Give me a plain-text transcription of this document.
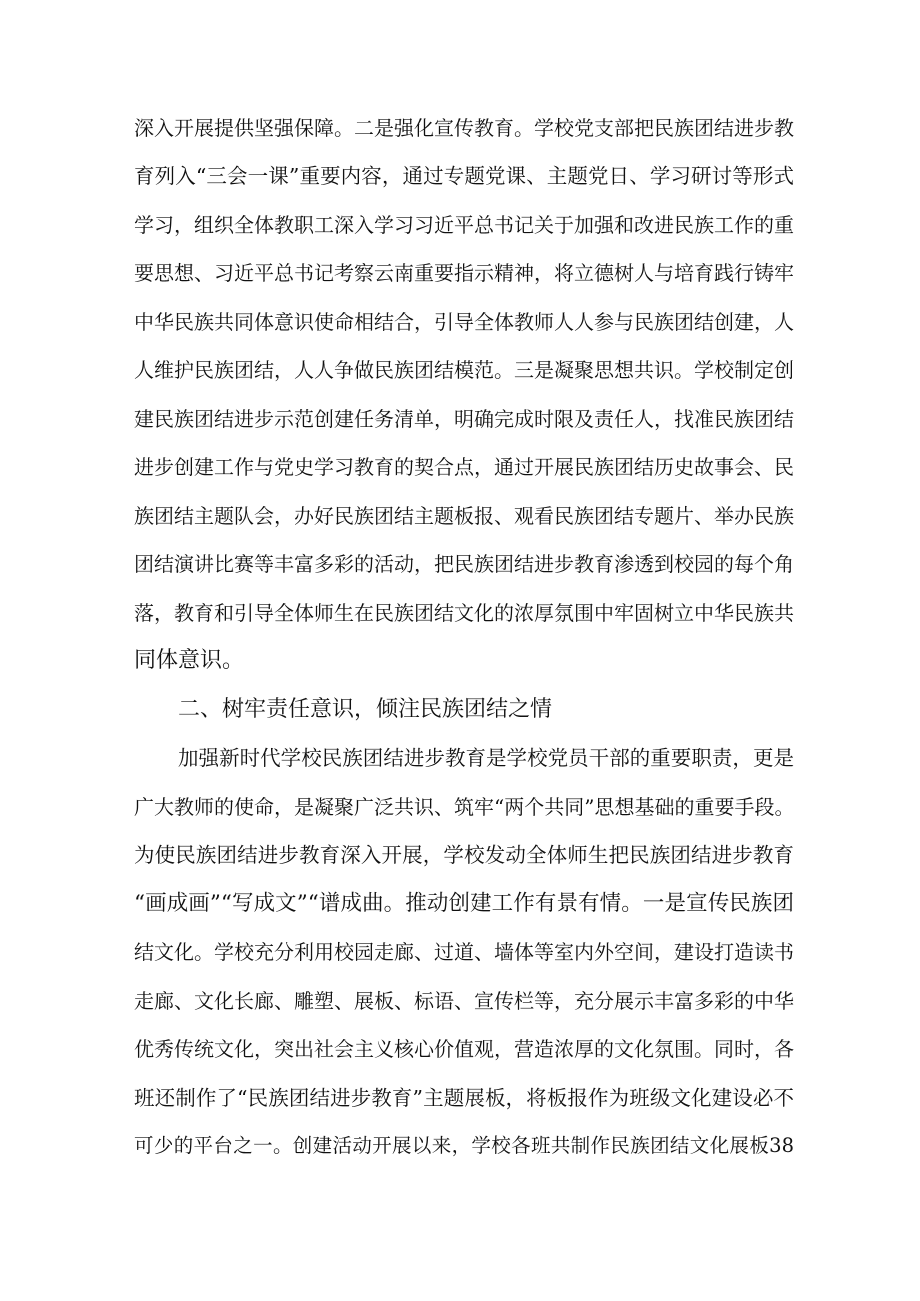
深入开展提供坚强保障。二是强化宣传教育。学校党支部把民族团结进步教
育列入“三会一课”重要内容，通过专题党课、主题党日、学习研讨等形式
学习，组织全体教职工深入学习习近平总书记关于加强和改进民族工作的重
要思想、习近平总书记考察云南重要指示精神，将立德树人与培育践行铸牢
中华民族共同体意识使命相结合，引导全体教师人人参与民族团结创建，人
人维护民族团结，人人争做民族团结模范。三是凝聚思想共识。学校制定创
建民族团结进步示范创建任务清单，明确完成时限及责任人，找准民族团结
进步创建工作与党史学习教育的契合点，通过开展民族团结历史故事会、民
族团结主题队会，办好民族团结主题板报、观看民族团结专题片、举办民族
团结演讲比赛等丰富多彩的活动，把民族团结进步教育渗透到校园的每个角
落，教育和引导全体师生在民族团结文化的浓厚氛围中牢固树立中华民族共
同体意识。
二、树牢责任意识，倾注民族团结之情
加强新时代学校民族团结进步教育是学校党员干部的重要职责，更是
广大教师的使命，是凝聚广泛共识、筑牢“两个共同”思想基础的重要手段。
为使民族团结进步教育深入开展，学校发动全体师生把民族团结进步教育
“画成画”“写成文”“谱成曲。推动创建工作有景有情。一是宣传民族团
结文化。学校充分利用校园走廊、过道、墙体等室内外空间，建设打造读书
走廊、文化长廊、雕塑、展板、标语、宣传栏等，充分展示丰富多彩的中华
优秀传统文化，突出社会主义核心价值观，营造浓厚的文化氛围。同时，各
班还制作了“民族团结进步教育”主题展板，将板报作为班级文化建设必不
可少的平台之一。创建活动开展以来，学校各班共制作民族团结文化展板38
